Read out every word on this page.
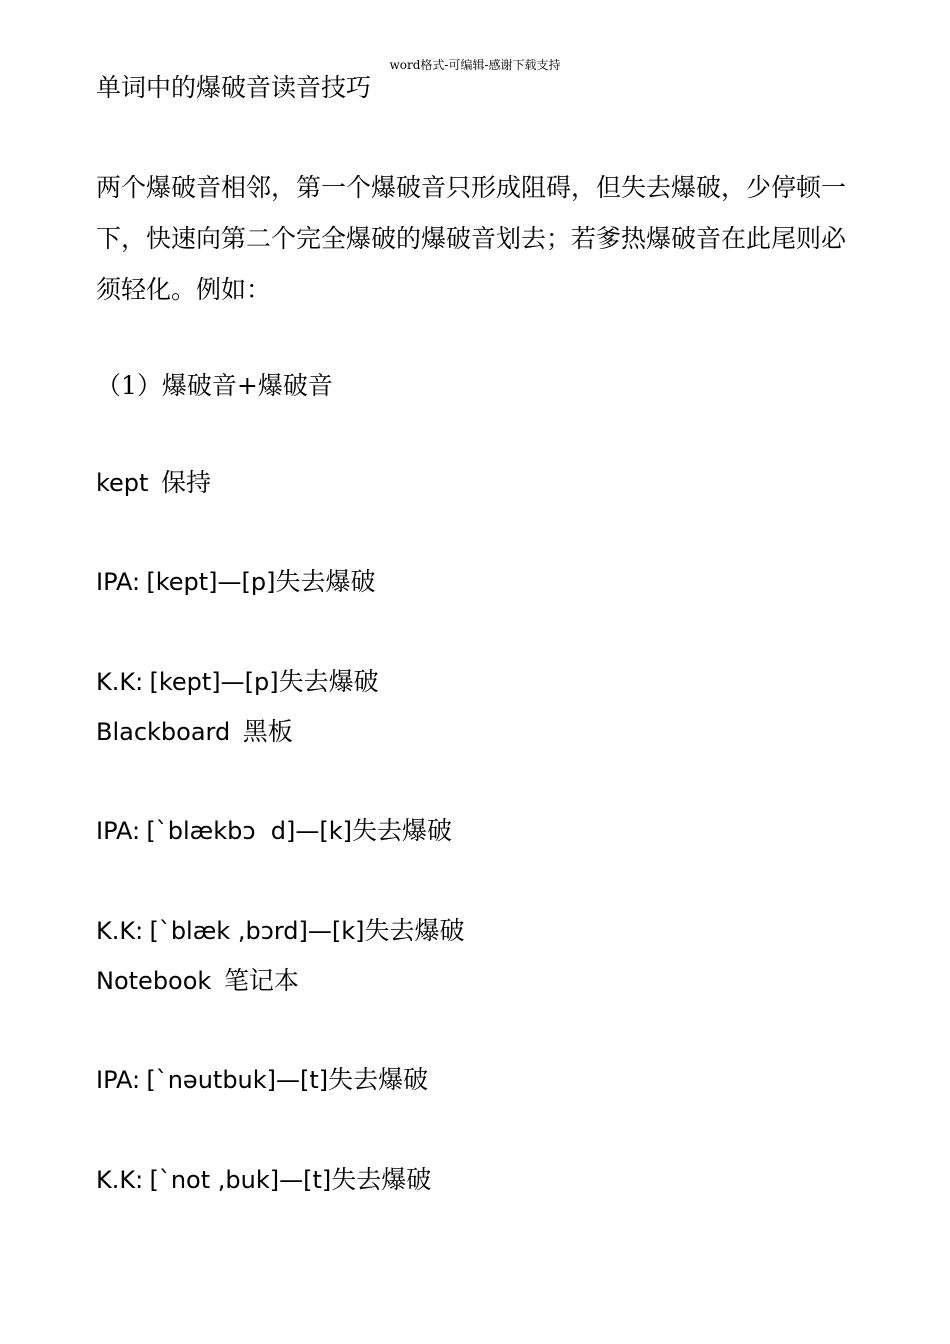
word格式-可编辑-感谢下载支持
单词中的爆破音读音技巧
两个爆破音相邻，第一个爆破音只形成阻碍，但失去爆破，少停顿一
下，快速向第二个完全爆破的爆破音划去；若爹热爆破音在此尾则必
须轻化。例如：
（1）爆破音+爆破音
kept 保持
IPA: [kept]—[p]失去爆破
K.K: [kept]—[p]失去爆破
Blackboard 黑板
IPA: [`blækbɔ  d]—[k]失去爆破
K.K: [`blæk ,bɔrd]—[k]失去爆破
Notebook 笔记本
IPA: [`nəutbuk]—[t]失去爆破
K.K: [`not ,buk]—[t]失去爆破
